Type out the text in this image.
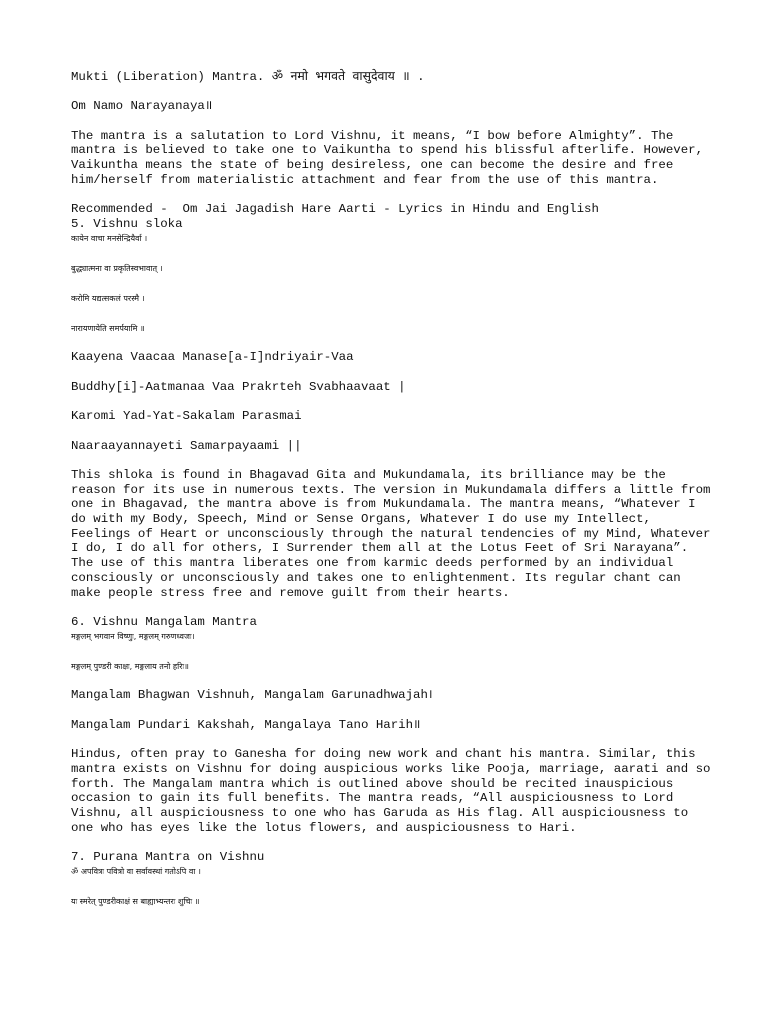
Mukti (Liberation) Mantra. ॐ नमो भगवते वासुदेवाय ॥ .

Om Namo Narayanaya॥

The mantra is a salutation to Lord Vishnu, it means, “I bow before Almighty”. The mantra is believed to take one to Vaikuntha to spend his blissful afterlife. However, Vaikuntha means the state of being desireless, one can become the desire and free him/herself from materialistic attachment and fear from the use of this mantra.

Recommended -  Om Jai Jagadish Hare Aarti - Lyrics in Hindu and English

5. Vishnu sloka

कायेन वाचा मनसेन्द्रियैर्वा ।

बुद्ध्यात्मना वा प्रकृतिस्वभावात् ।

करोमि यद्यत्सकलं परस्मै ।

नारायणायेति समर्पयामि ॥

Kaayena Vaacaa Manase[a-I]ndriyair-Vaa

Buddhy[i]-Aatmanaa Vaa Prakrteh Svabhaavaat |

Karomi Yad-Yat-Sakalam Parasmai

Naaraayannayeti Samarpayaami ||

This shloka is found in Bhagavad Gita and Mukundamala, its brilliance may be the reason for its use in numerous texts. The version in Mukundamala differs a little from one in Bhagavad, the mantra above is from Mukundamala. The mantra means, “Whatever I do with my Body, Speech, Mind or Sense Organs, Whatever I do use my Intellect, Feelings of Heart or unconsciously through the natural tendencies of my Mind, Whatever I do, I do all for others, I Surrender them all at the Lotus Feet of Sri Narayana”. The use of this mantra liberates one from karmic deeds performed by an individual consciously or unconsciously and takes one to enlightenment. Its regular chant can make people stress free and remove guilt from their hearts.

6. Vishnu Mangalam Mantra

मङ्गलम् भगवान विष्णुः, मङ्गलम् गरुणध्वजः।

मङ्गलम् पुण्डरी काक्षः, मङ्गलाय तनो हरिः॥

Mangalam Bhagwan Vishnuh, Mangalam Garunadhwajah।

Mangalam Pundari Kakshah, Mangalaya Tano Harih॥

Hindus, often pray to Ganesha for doing new work and chant his mantra. Similar, this mantra exists on Vishnu for doing auspicious works like Pooja, marriage, aarati and so forth. The Mangalam mantra which is outlined above should be recited inauspicious occasion to gain its full benefits. The mantra reads, “All auspiciousness to Lord Vishnu, all auspiciousness to one who has Garuda as His flag. All auspiciousness to one who has eyes like the lotus flowers, and auspiciousness to Hari.

7. Purana Mantra on Vishnu

ॐ अपवित्रः पवित्रो वा सर्वावस्थां गतोऽपि वा ।

यः स्मरेत् पुण्डरीकाक्षं स बाह्याभ्यन्तरः शुचिः ॥
